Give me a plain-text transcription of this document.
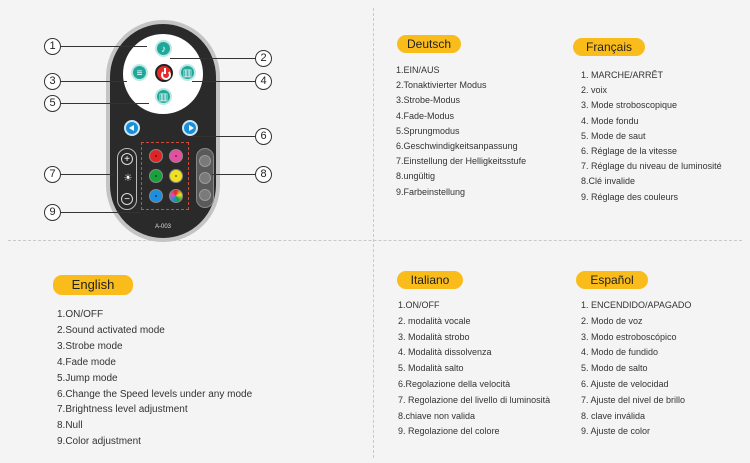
♪
≡	▥
▥
+
☀
−
A-003
1
2
3	4
5
6
7	8
9
Deutsch
1.EIN/AUS
2.Tonaktivierter Modus
3.Strobe-Modus
4.Fade-Modus
5.Sprungmodus
6.Geschwindigkeitsanpassung
7.Einstellung der Helligkeitsstufe
8.ungültig
9.Farbeinstellung
Français
1. MARCHE/ARRÊT
2. voix
3. Mode stroboscopique
4. Mode fondu
5. Mode de saut
6. Réglage de la vitesse
7. Réglage du niveau de luminosité
8.Clé invalide
9. Réglage des couleurs
English
1.ON/OFF
2.Sound activated mode
3.Strobe mode
4.Fade mode
5.Jump mode
6.Change the Speed levels under any mode
7.Brightness level adjustment
8.Null
9.Color adjustment
Italiano
1.ON/OFF
2. modalità vocale
3. Modalità strobo
4. Modalità dissolvenza
5. Modalità salto
6.Regolazione della velocità
7. Regolazione del livello di luminosità
8.chiave non valida
9. Regolazione del colore
Español
1. ENCENDIDO/APAGADO
2. Modo de voz
3. Modo estroboscópico
4. Modo de fundido
5. Modo de salto
6. Ajuste de velocidad
7. Ajuste del nivel de brillo
8. clave inválida
9. Ajuste de color
